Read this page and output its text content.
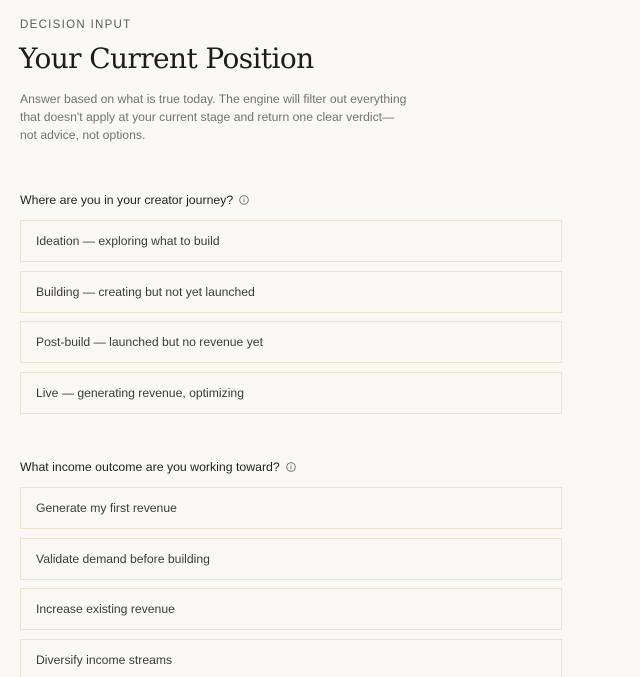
DECISION INPUT

Your Current Position

Answer based on what is true today. The engine will filter out everything
that doesn't apply at your current stage and return one clear verdict—
not advice, not options.

Where are you in your creator journey?
Ideation — exploring what to build
Building — creating but not yet launched
Post-build — launched but no revenue yet
Live — generating revenue, optimizing
What income outcome are you working toward?
Generate my first revenue
Validate demand before building
Increase existing revenue
Diversify income streams
